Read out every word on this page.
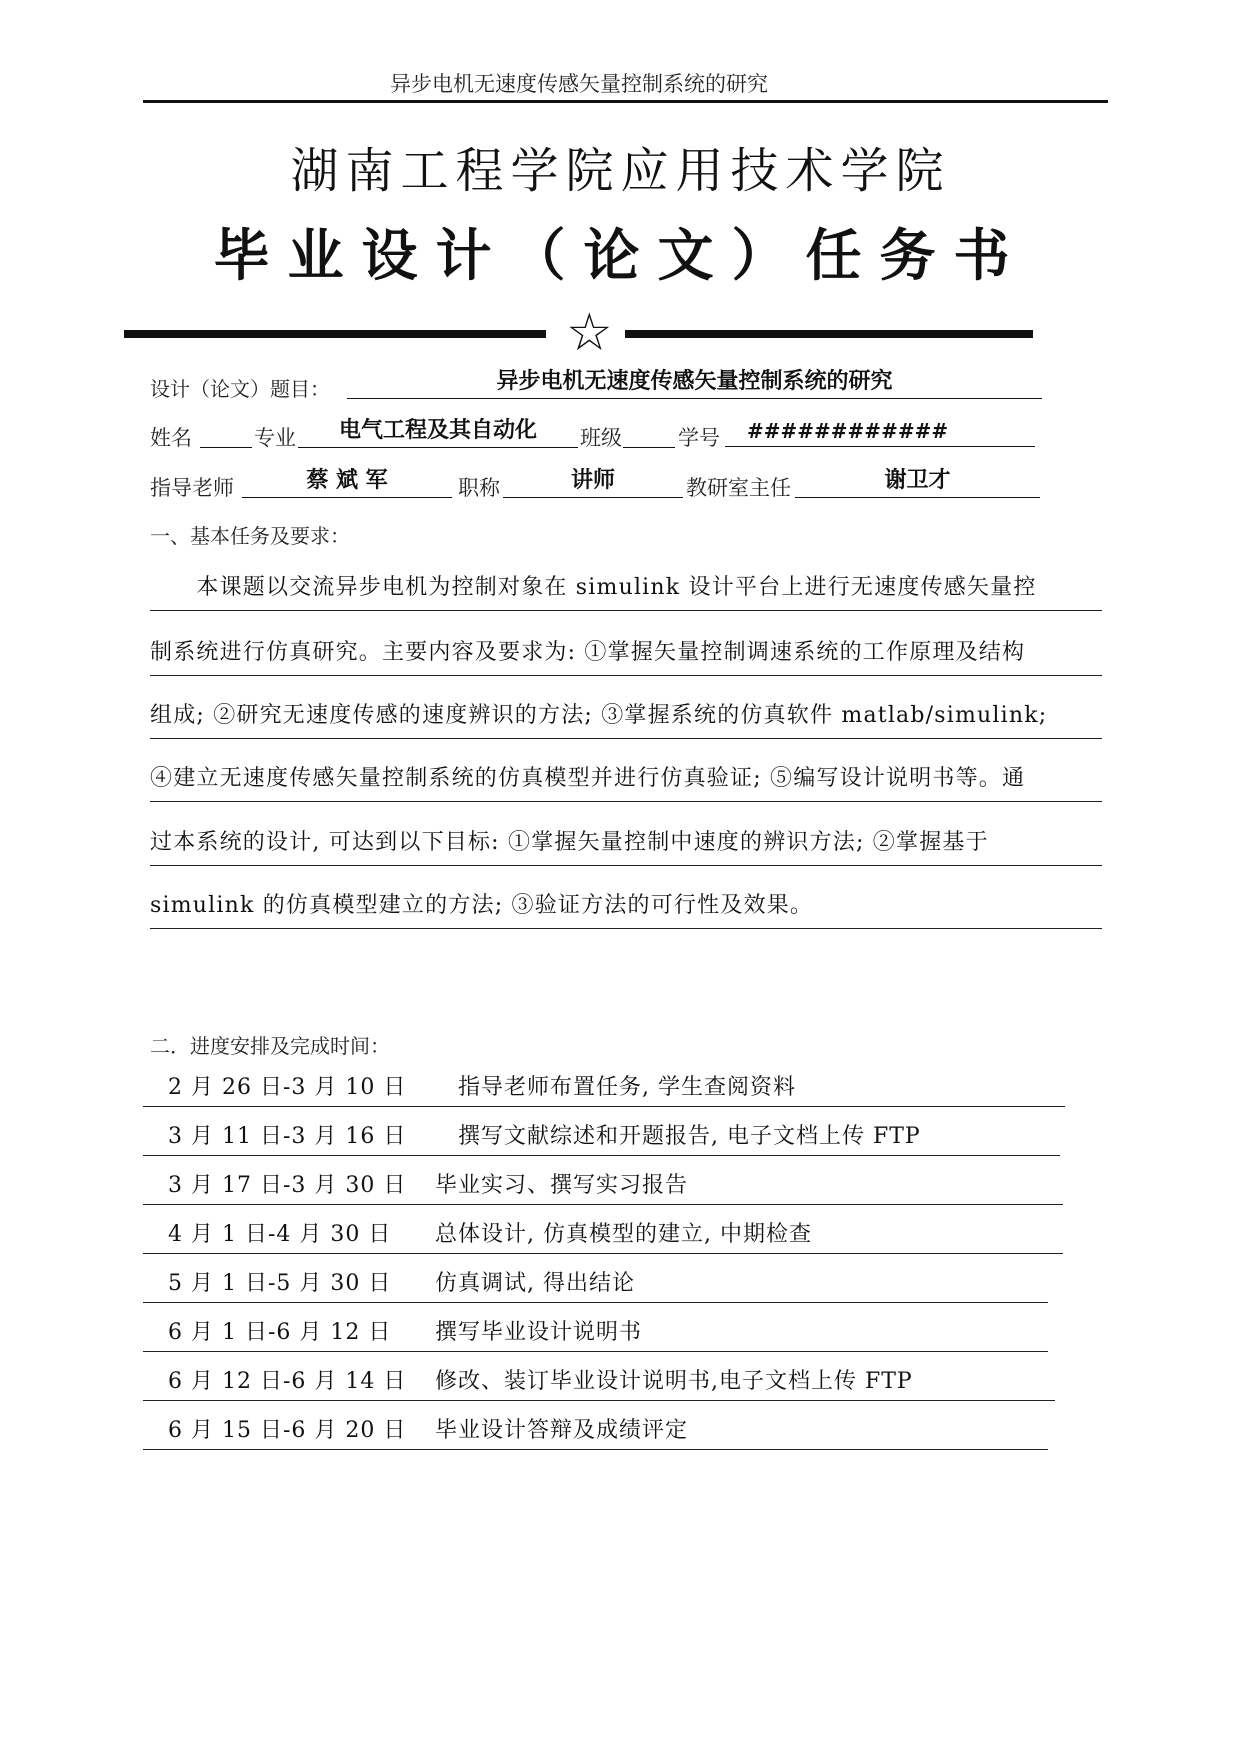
异步电机无速度传感矢量控制系统的研究
湖南工程学院应用技术学院
毕业设计（论文）任务书
☆
设计（论文）题目：	异步电机无速度传感矢量控制系统的研究
姓名	专业	电气工程及其自动化	班级	学号	############
指导老师	蔡 斌 军	职称	讲师	教研室主任	谢卫才
一、基本任务及要求：
　　本课题以交流异步电机为控制对象在 simulink 设计平台上进行无速度传感矢量控
制系统进行仿真研究。主要内容及要求为: ①掌握矢量控制调速系统的工作原理及结构
组成; ②研究无速度传感的速度辨识的方法; ③掌握系统的仿真软件 matlab/simulink;
④建立无速度传感矢量控制系统的仿真模型并进行仿真验证; ⑤编写设计说明书等。通
过本系统的设计, 可达到以下目标: ①掌握矢量控制中速度的辨识方法; ②掌握基于
simulink 的仿真模型建立的方法; ③验证方法的可行性及效果。
二．进度安排及完成时间：
2 月 26 日-3 月 10 日 　指导老师布置任务, 学生查阅资料
3 月 11 日-3 月 16 日 　撰写文献综述和开题报告, 电子文档上传 FTP
3 月 17 日-3 月 30 日 毕业实习、撰写实习报告
4 月 1 日-4 月 30 日 总体设计, 仿真模型的建立, 中期检查
5 月 1 日-5 月 30 日 仿真调试, 得出结论
6 月 1 日-6 月 12 日 撰写毕业设计说明书
6 月 12 日-6 月 14 日 修改、装订毕业设计说明书,电子文档上传 FTP
6 月 15 日-6 月 20 日 毕业设计答辩及成绩评定
